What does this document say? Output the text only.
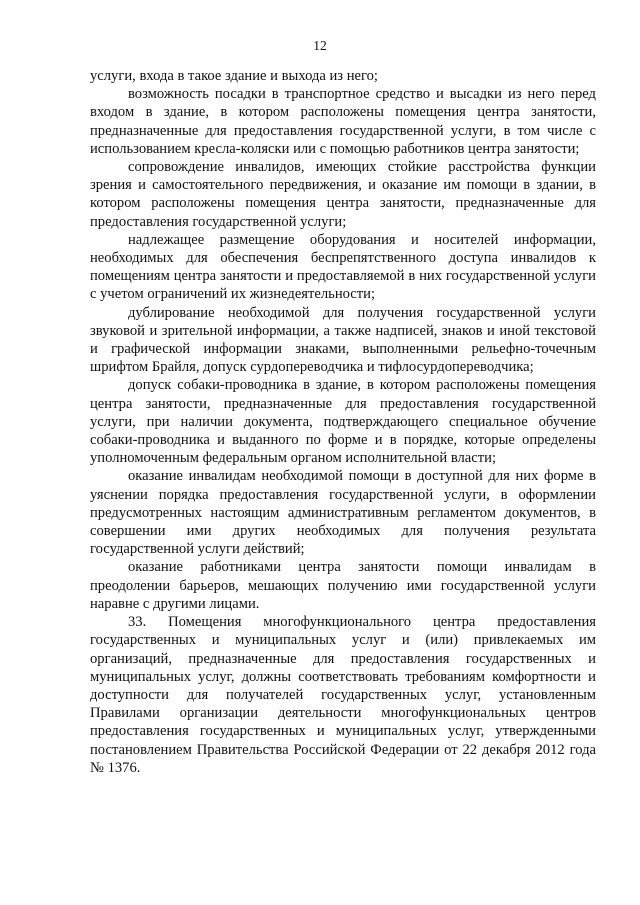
12

услуги, входа в такое здание и выхода из него;

возможность посадки в транспортное средство и высадки из него перед входом в здание, в котором расположены помещения центра занятости, предназначенные для предоставления государственной услуги, в том числе с использованием кресла-коляски или с помощью работников центра занятости;

сопровождение инвалидов, имеющих стойкие расстройства функции зрения и самостоятельного передвижения, и оказание им помощи в здании, в котором расположены помещения центра занятости, предназначенные для предоставления государственной услуги;

надлежащее размещение оборудования и носителей информации, необходимых для обеспечения беспрепятственного доступа инвалидов к помещениям центра занятости и предоставляемой в них государственной услуги с учетом ограничений их жизнедеятельности;

дублирование необходимой для получения государственной услуги звуковой и зрительной информации, а также надписей, знаков и иной текстовой и графической информации знаками, выполненными рельефно-точечным шрифтом Брайля, допуск сурдопереводчика и тифлосурдопереводчика;

допуск собаки-проводника в здание, в котором расположены помещения центра занятости, предназначенные для предоставления государственной услуги, при наличии документа, подтверждающего специальное обучение собаки-проводника и выданного по форме и в порядке, которые определены уполномоченным федеральным органом исполнительной власти;

оказание инвалидам необходимой помощи в доступной для них форме в уяснении порядка предоставления государственной услуги, в оформлении предусмотренных настоящим административным регламентом документов, в совершении ими других необходимых для получения результата государственной услуги действий;

оказание работниками центра занятости помощи инвалидам в преодолении барьеров, мешающих получению ими государственной услуги наравне с другими лицами.

33. Помещения многофункционального центра предоставления государственных и муниципальных услуг и (или) привлекаемых им организаций, предназначенные для предоставления государственных и муниципальных услуг, должны соответствовать требованиям комфортности и доступности для получателей государственных услуг, установленным Правилами организации деятельности многофункциональных центров предоставления государственных и муниципальных услуг, утвержденными постановлением Правительства Российской Федерации от 22 декабря 2012 года № 1376.
